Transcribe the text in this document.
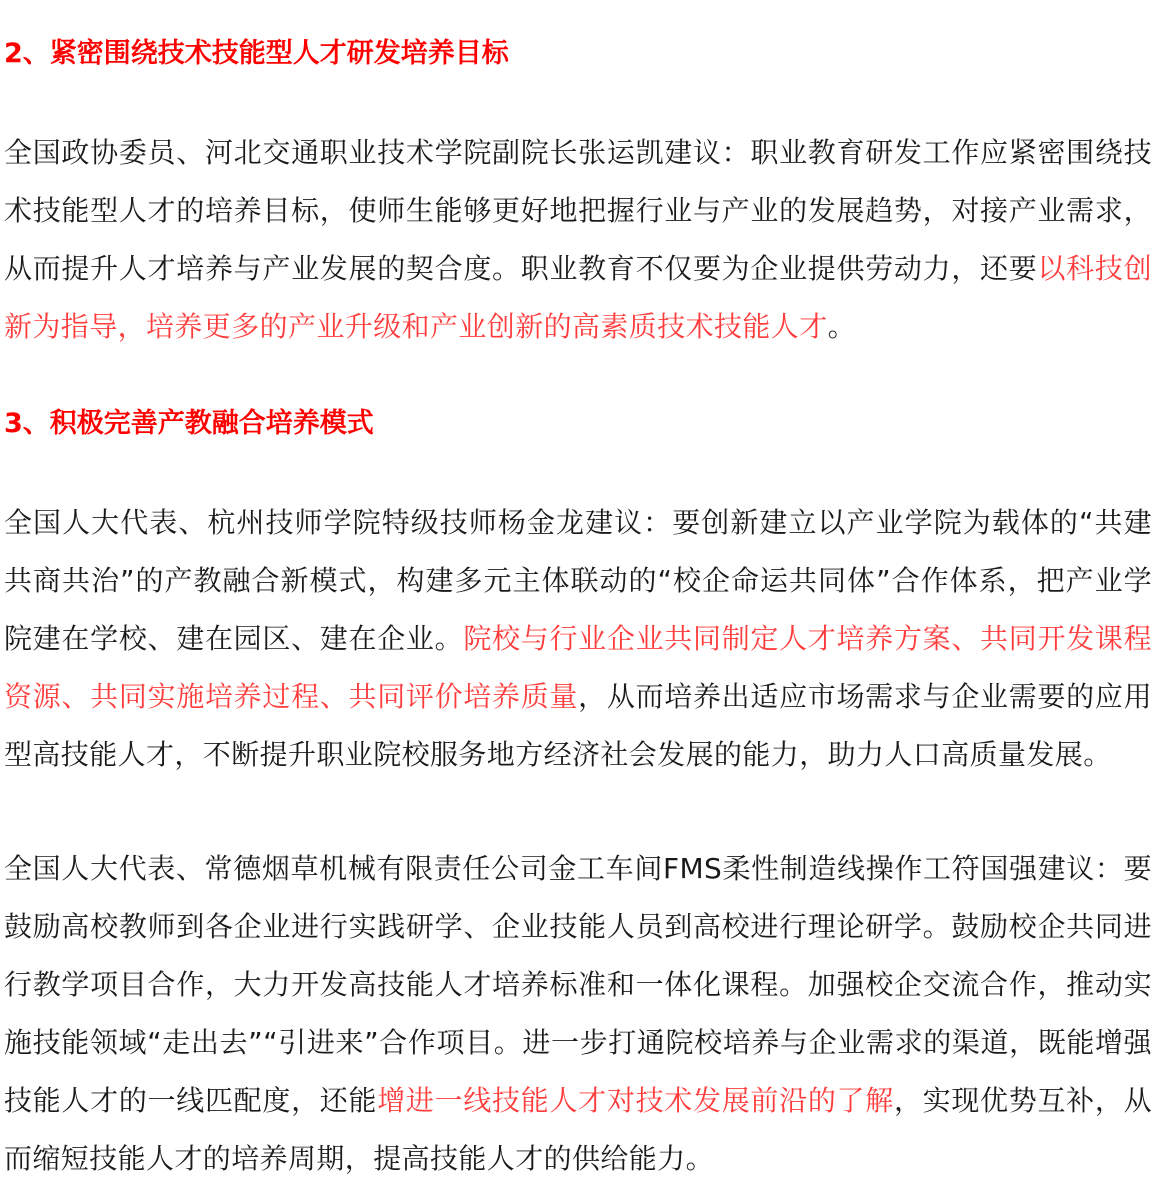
2、紧密围绕技术技能型人才研发培养目标

全国政协委员、河北交通职业技术学院副院长张运凯建议：职业教育研发工作应紧密围绕技术技能型人才的培养目标，使师生能够更好地把握行业与产业的发展趋势，对接产业需求，从而提升人才培养与产业发展的契合度。职业教育不仅要为企业提供劳动力，还要以科技创新为指导，培养更多的产业升级和产业创新的高素质技术技能人才。

3、积极完善产教融合培养模式

全国人大代表、杭州技师学院特级技师杨金龙建议：要创新建立以产业学院为载体的“共建共商共治”的产教融合新模式，构建多元主体联动的“校企命运共同体”合作体系，把产业学院建在学校、建在园区、建在企业。院校与行业企业共同制定人才培养方案、共同开发课程资源、共同实施培养过程、共同评价培养质量，从而培养出适应市场需求与企业需要的应用型高技能人才，不断提升职业院校服务地方经济社会发展的能力，助力人口高质量发展。

全国人大代表、常德烟草机械有限责任公司金工车间FMS柔性制造线操作工符国强建议：要鼓励高校教师到各企业进行实践研学、企业技能人员到高校进行理论研学。鼓励校企共同进行教学项目合作，大力开发高技能人才培养标准和一体化课程。加强校企交流合作，推动实施技能领域“走出去”“引进来”合作项目。进一步打通院校培养与企业需求的渠道，既能增强技能人才的一线匹配度，还能增进一线技能人才对技术发展前沿的了解，实现优势互补，从而缩短技能人才的培养周期，提高技能人才的供给能力。
